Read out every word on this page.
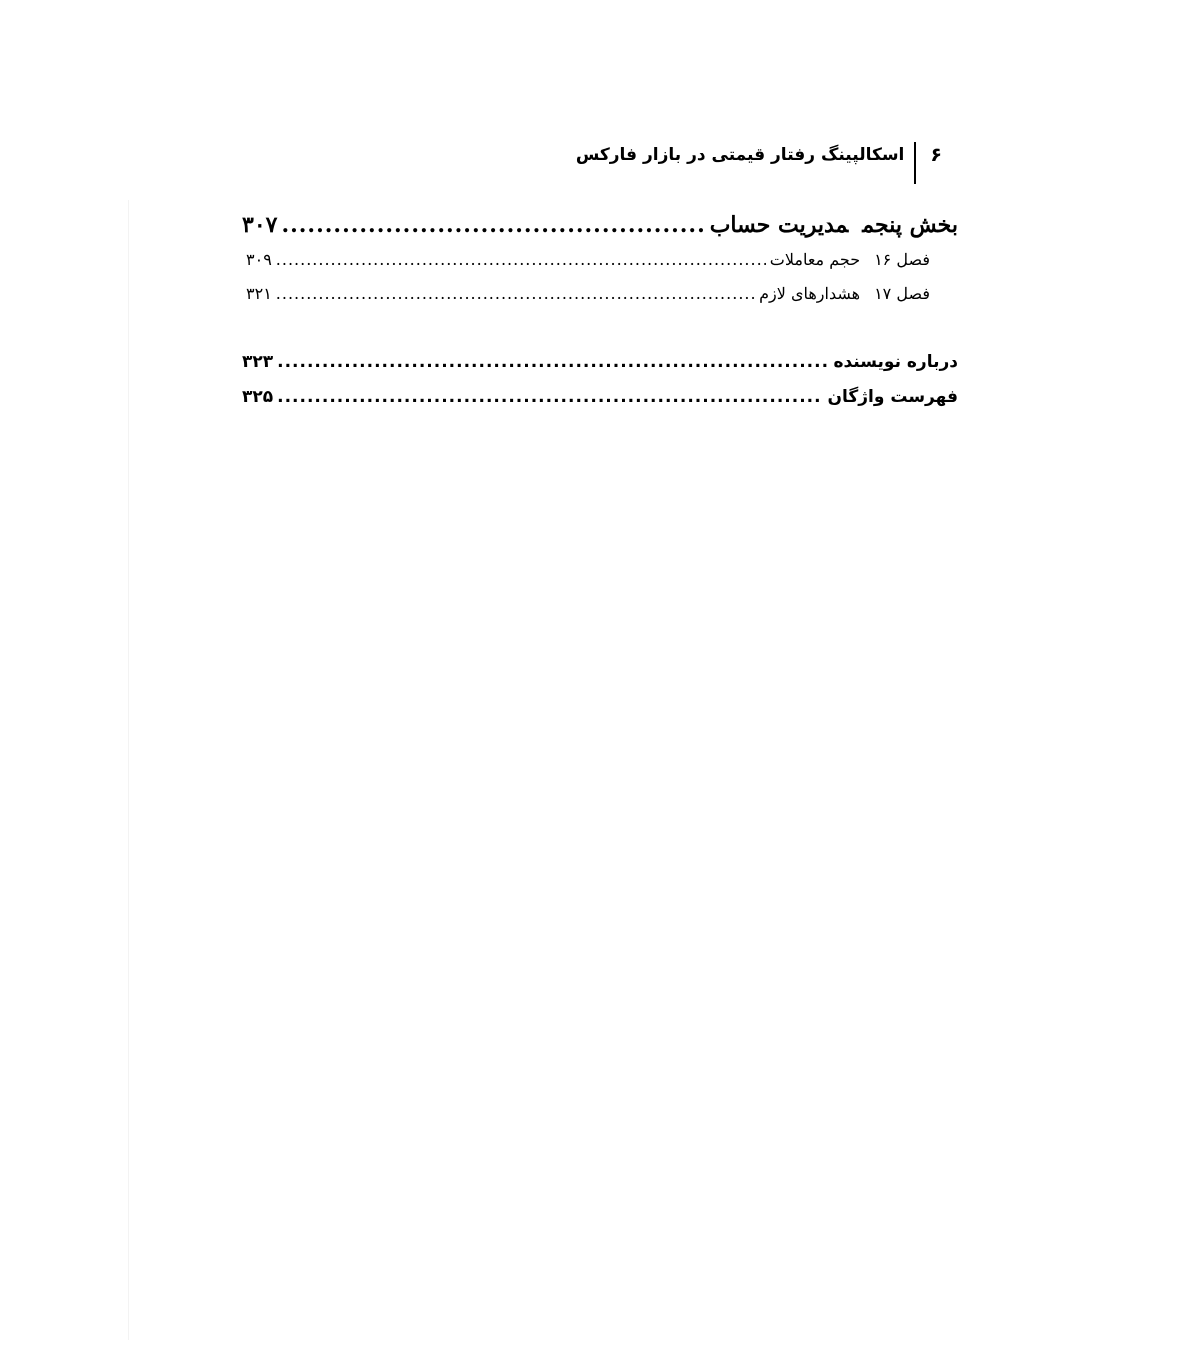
۶
اسکالپینگ رفتار قیمتی در بازار فارکس
بخش پنجممدیریت حساب
.....
۳۰۷
فصل ۱۶حجم معاملات
.....
۳۰۹
فصل ۱۷هشدارهای لازم
.....
۳۲۱
درباره نویسنده
.....
۳۲۳
فهرست واژگان
.....
۳۲۵
